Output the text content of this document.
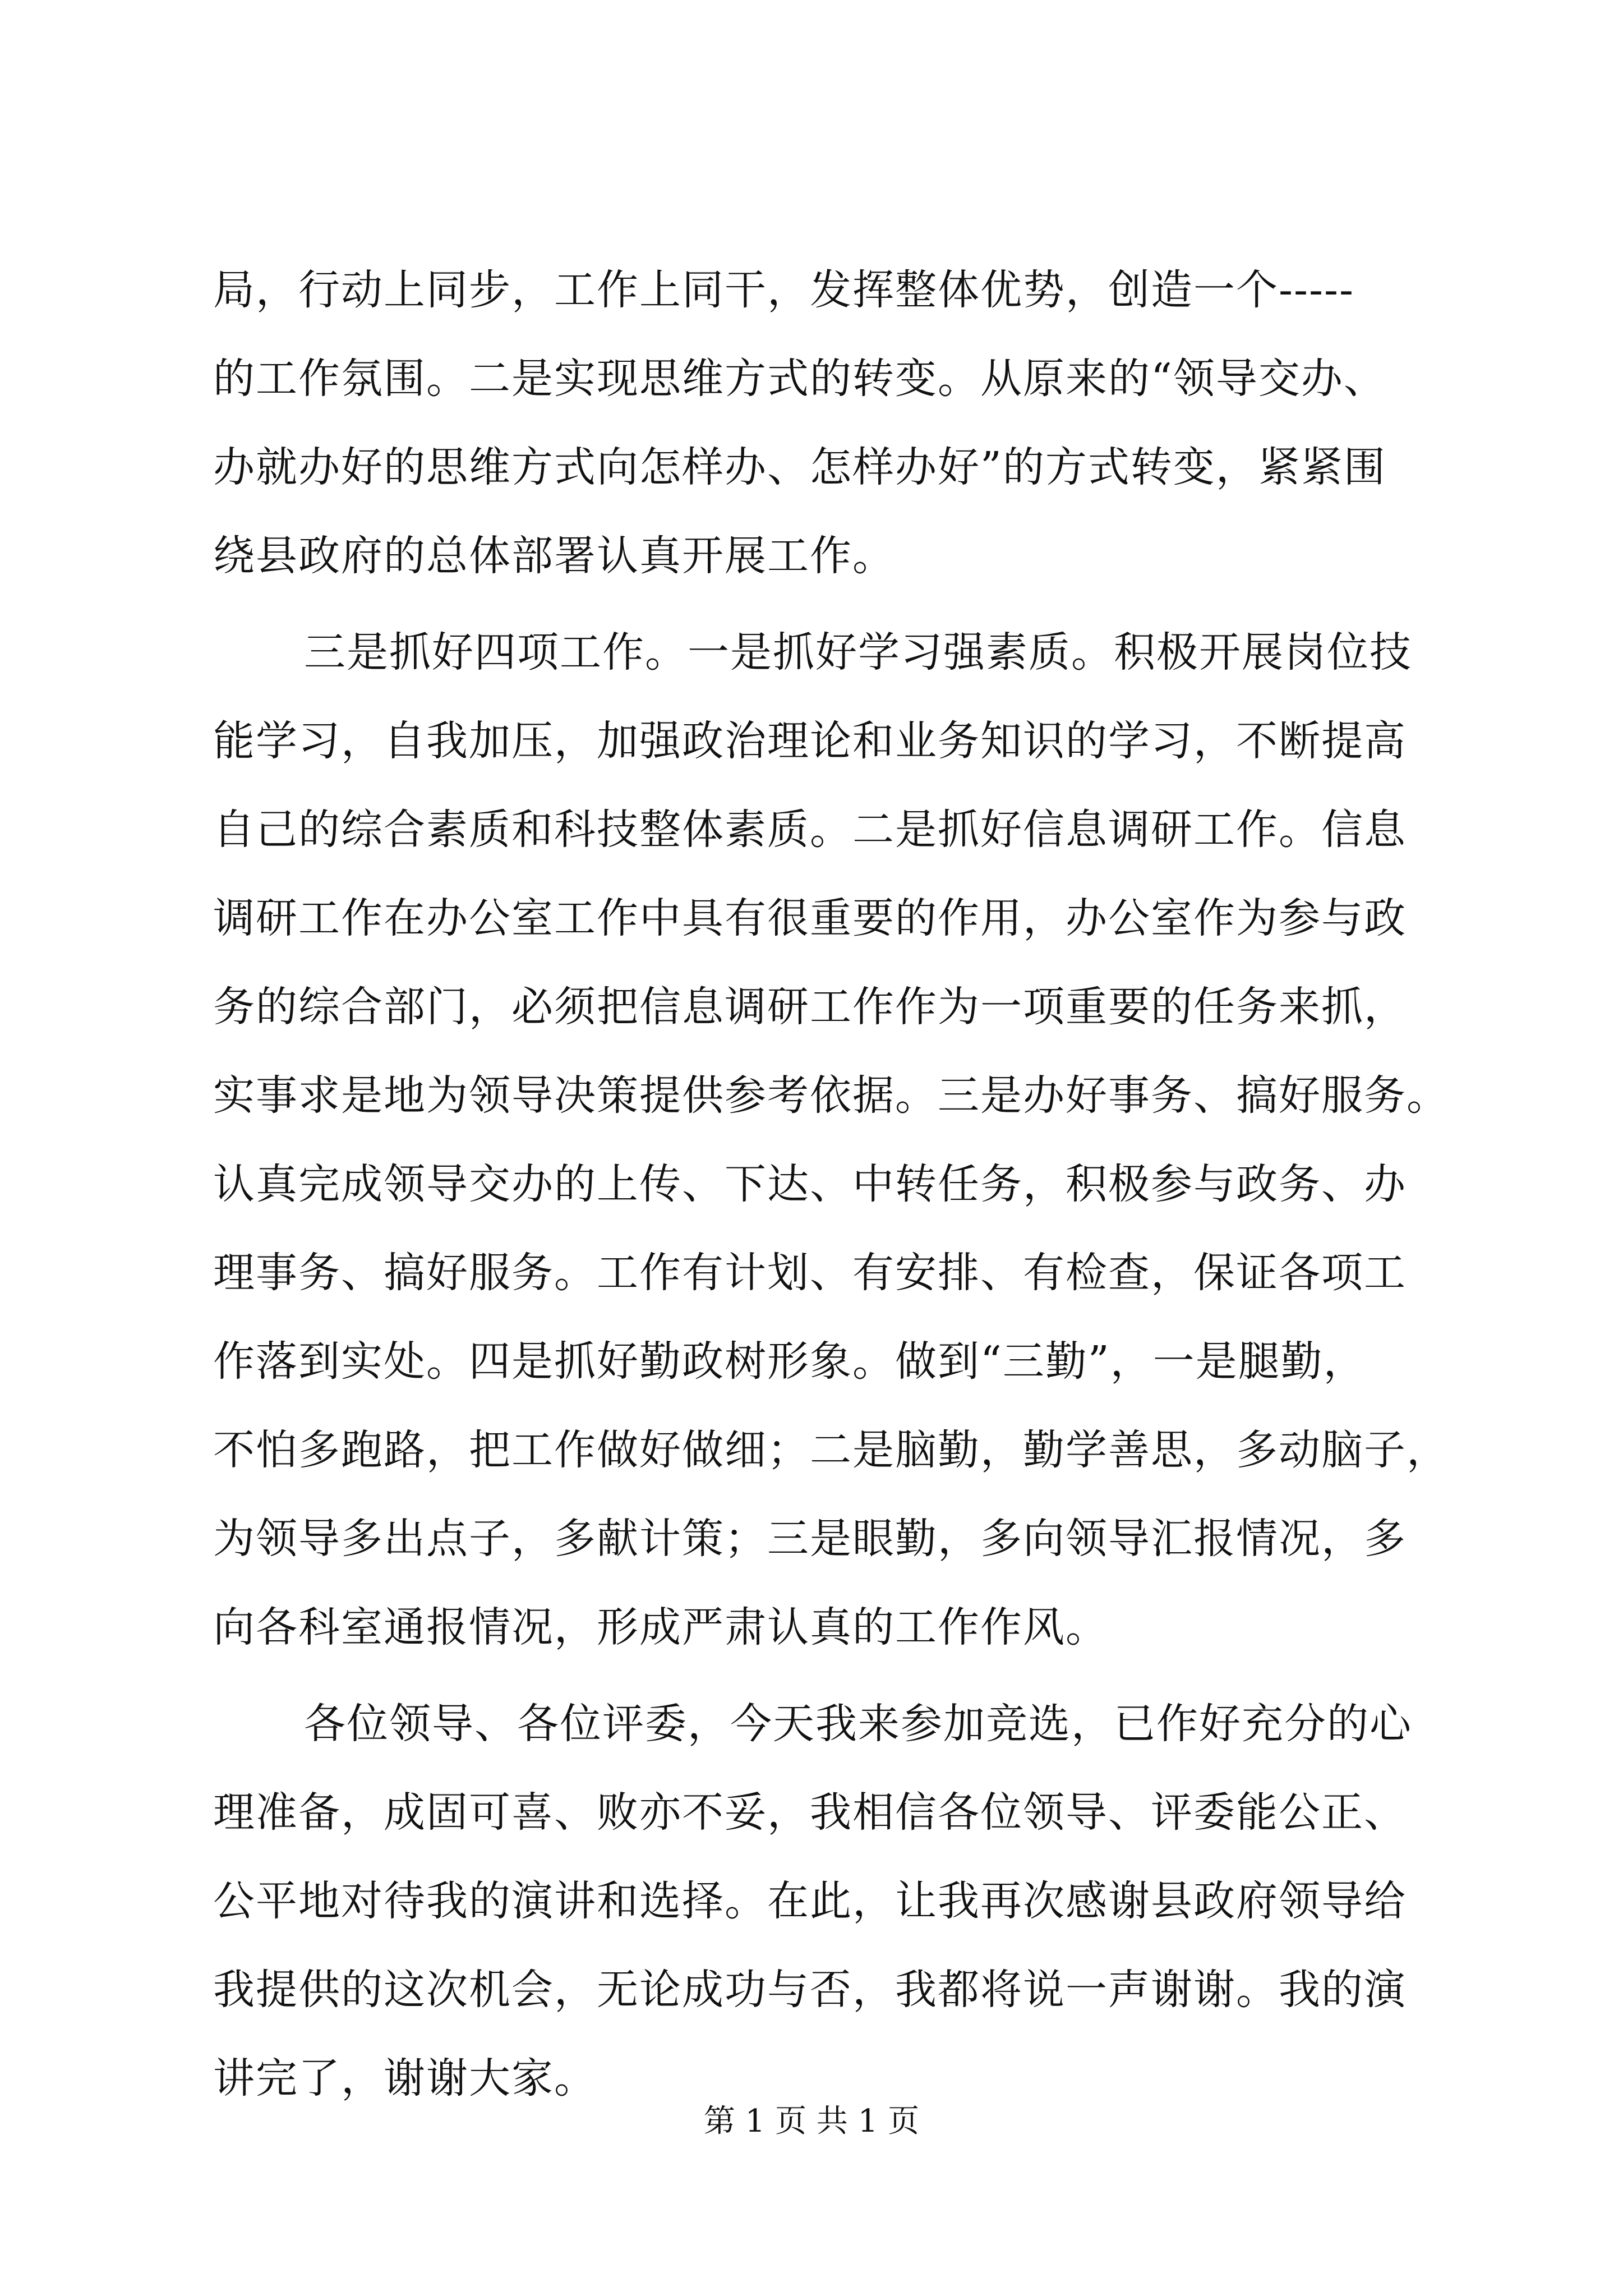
局，行动上同步，工作上同干，发挥整体优势，创造一个-----
的工作氛围。二是实现思维方式的转变。从原来的“领导交办、
办就办好的思维方式向怎样办、怎样办好”的方式转变，紧紧围
绕县政府的总体部署认真开展工作。
三是抓好四项工作。一是抓好学习强素质。积极开展岗位技
能学习，自我加压，加强政治理论和业务知识的学习，不断提高
自己的综合素质和科技整体素质。二是抓好信息调研工作。信息
调研工作在办公室工作中具有很重要的作用，办公室作为参与政
务的综合部门，必须把信息调研工作作为一项重要的任务来抓，
实事求是地为领导决策提供参考依据。三是办好事务、搞好服务。
认真完成领导交办的上传、下达、中转任务，积极参与政务、办
理事务、搞好服务。工作有计划、有安排、有检查，保证各项工
作落到实处。四是抓好勤政树形象。做到“三勤”，一是腿勤，
不怕多跑路，把工作做好做细；二是脑勤，勤学善思，多动脑子，
为领导多出点子，多献计策；三是眼勤，多向领导汇报情况，多
向各科室通报情况，形成严肃认真的工作作风。
各位领导、各位评委，今天我来参加竞选，已作好充分的心
理准备，成固可喜、败亦不妥，我相信各位领导、评委能公正、
公平地对待我的演讲和选择。在此，让我再次感谢县政府领导给
我提供的这次机会，无论成功与否，我都将说一声谢谢。我的演
讲完了，谢谢大家。
第 1 页 共 1 页
